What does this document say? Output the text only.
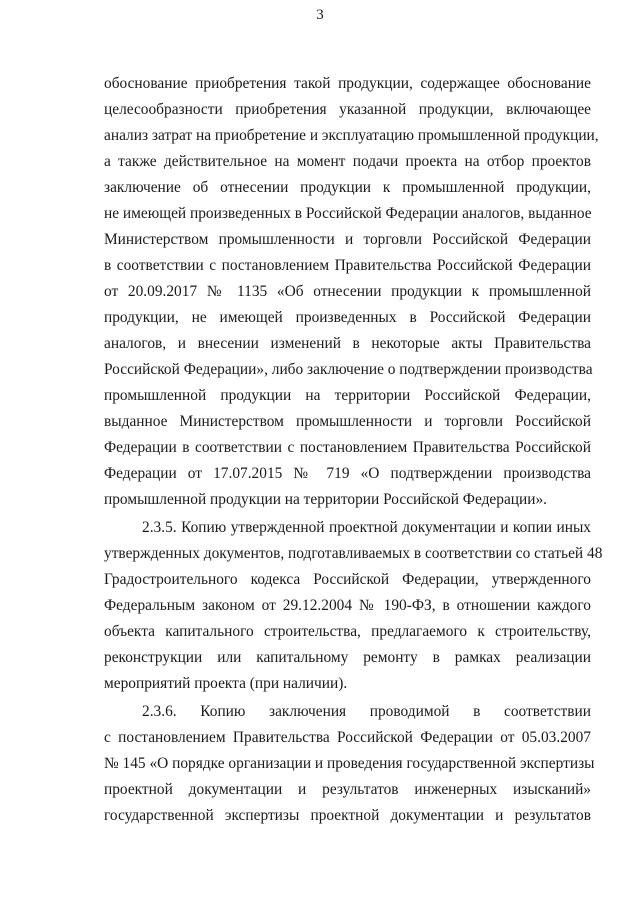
3
обоснование приобретения такой продукции, содержащее обоснование
целесообразности приобретения указанной продукции, включающее
анализ затрат на приобретение и эксплуатацию промышленной продукции,
а также действительное на момент подачи проекта на отбор проектов
заключение об отнесении продукции к промышленной продукции,
не имеющей произведенных в Российской Федерации аналогов, выданное
Министерством промышленности и торговли Российской Федерации
в соответствии с постановлением Правительства Российской Федерации
от 20.09.2017 № 1135 «Об отнесении продукции к промышленной
продукции, не имеющей произведенных в Российской Федерации
аналогов, и внесении изменений в некоторые акты Правительства
Российской Федерации», либо заключение о подтверждении производства
промышленной продукции на территории Российской Федерации,
выданное Министерством промышленности и торговли Российской
Федерации в соответствии с постановлением Правительства Российской
Федерации от 17.07.2015 № 719 «О подтверждении производства
промышленной продукции на территории Российской Федерации».
2.3.5. Копию утвержденной проектной документации и копии иных
утвержденных документов, подготавливаемых в соответствии со статьей 48
Градостроительного кодекса Российской Федерации, утвержденного
Федеральным законом от 29.12.2004 № 190-ФЗ, в отношении каждого
объекта капитального строительства, предлагаемого к строительству,
реконструкции или капитальному ремонту в рамках реализации
мероприятий проекта (при наличии).
2.3.6. Копию заключения проводимой в соответствии
с постановлением Правительства Российской Федерации от 05.03.2007
№ 145 «О порядке организации и проведения государственной экспертизы
проектной документации и результатов инженерных изысканий»
государственной экспертизы проектной документации и результатов
